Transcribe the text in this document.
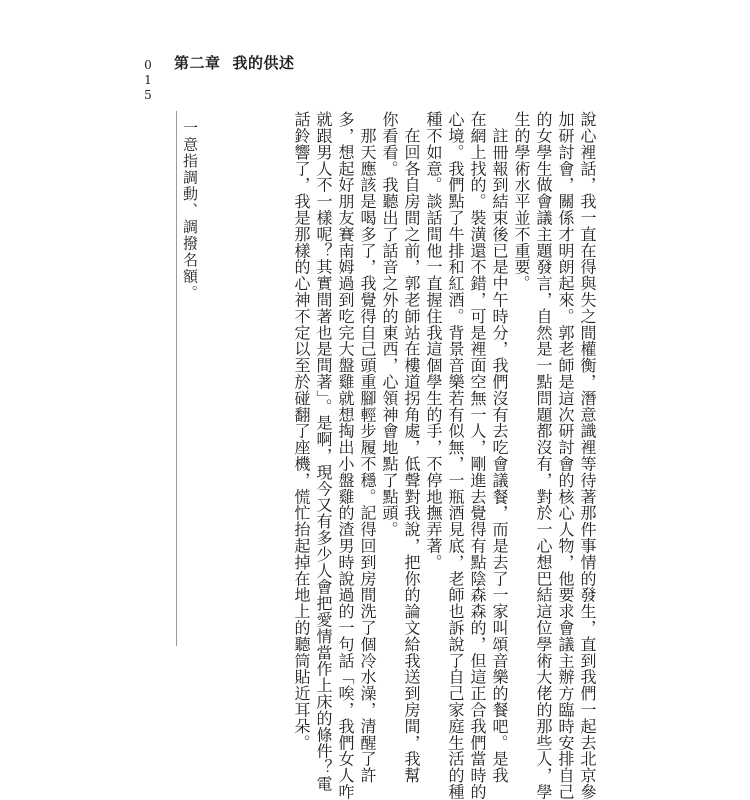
015 第二章 我的供述
一意指調動、調撥名額。	說心裡話，我一直在得與失之間權衡，潛意識裡等待著那件事情的發生，直到我們一起去北京參
加研討會，關係才明朗起來。郭老師是這次研討會的核心人物，他要求會議主辦方臨時安排自己
的女學生做會議主題發言，自然是一點問題都沒有，對於一心想巴結這位學術大佬的那些人，學
生的學術水平並不重要。
　註冊報到結束後已是中午時分，我們沒有去吃會議餐，而是去了一家叫頌音樂的餐吧。是我
在網上找的。裝潢還不錯，可是裡面空無一人，剛進去覺得有點陰森森的，但這正合我們當時的
心境。我們點了牛排和紅酒。背景音樂若有似無，一瓶酒見底，老師也訴說了自己家庭生活的種
種不如意。談話間他一直握住我這個學生的手，不停地撫弄著。
　在回各自房間之前，郭老師站在樓道拐角處，低聲對我說，把你的論文給我送到房間，我幫
你看看。我聽出了話音之外的東西，心領神會地點了點頭。
　那天應該是喝多了，我覺得自己頭重腳輕步履不穩。記得回到房間洗了個冷水澡，清醒了許
多，想起好朋友賽南姆過到吃完大盤雞就想掏出小盤雞的渣男時說過的一句話「唉，我們女人咋
就跟男人不一樣呢？其實間著也是間著」。是啊，現今又有多少人會把愛情當作上床的條件？電
話鈴響了，我是那樣的心神不定以至於碰翻了座機，慌忙抬起掉在地上的聽筒貼近耳朵。
